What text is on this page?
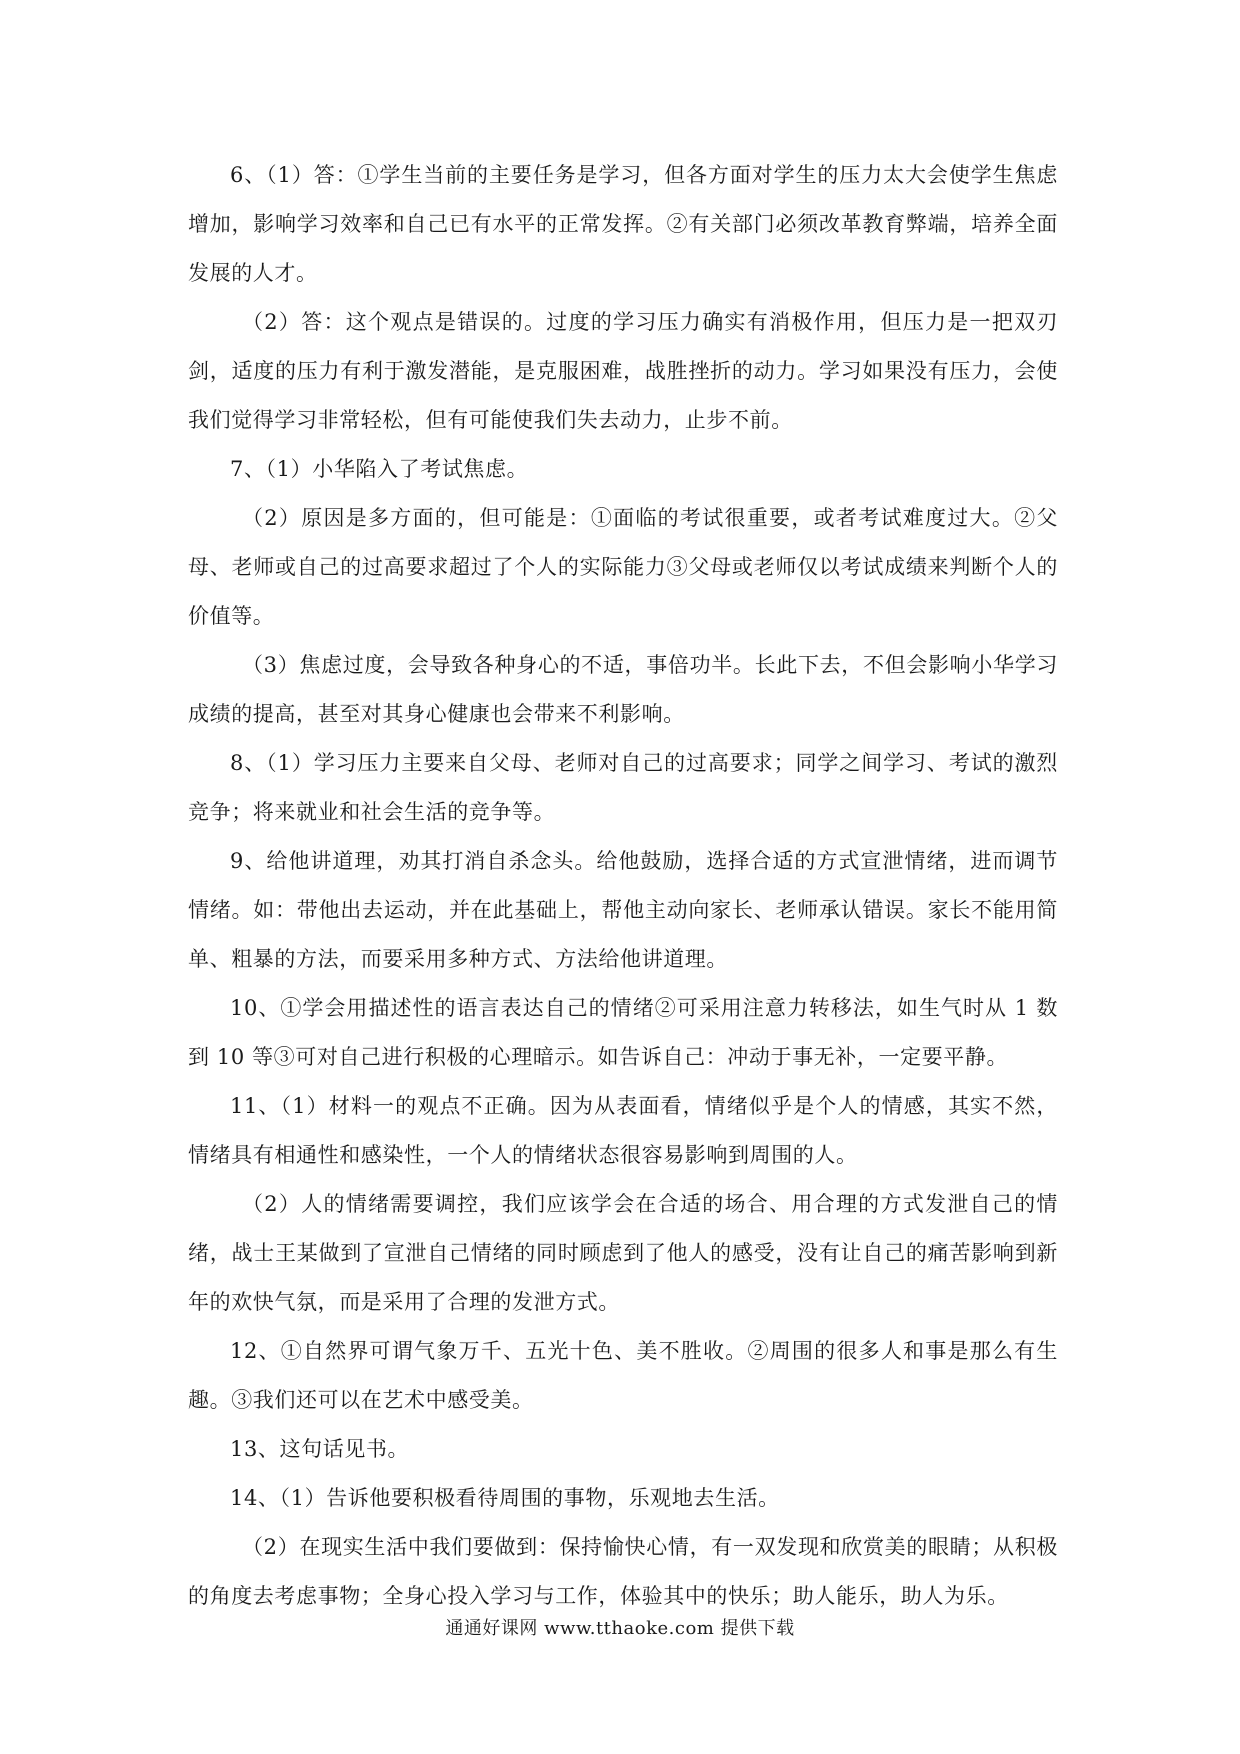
6、（1）答：①学生当前的主要任务是学习，但各方面对学生的压力太大会使学生焦虑增加，影响学习效率和自己已有水平的正常发挥。②有关部门必须改革教育弊端，培养全面发展的人才。

（2）答：这个观点是错误的。过度的学习压力确实有消极作用，但压力是一把双刃剑，适度的压力有利于激发潜能，是克服困难，战胜挫折的动力。学习如果没有压力，会使我们觉得学习非常轻松，但有可能使我们失去动力，止步不前。

7、（1）小华陷入了考试焦虑。

（2）原因是多方面的，但可能是：①面临的考试很重要，或者考试难度过大。②父母、老师或自己的过高要求超过了个人的实际能力③父母或老师仅以考试成绩来判断个人的价值等。

（3）焦虑过度，会导致各种身心的不适，事倍功半。长此下去，不但会影响小华学习成绩的提高，甚至对其身心健康也会带来不利影响。

8、（1）学习压力主要来自父母、老师对自己的过高要求；同学之间学习、考试的激烈竞争；将来就业和社会生活的竞争等。

9、给他讲道理，劝其打消自杀念头。给他鼓励，选择合适的方式宣泄情绪，进而调节情绪。如：带他出去运动，并在此基础上，帮他主动向家长、老师承认错误。家长不能用简单、粗暴的方法，而要采用多种方式、方法给他讲道理。

10、①学会用描述性的语言表达自己的情绪②可采用注意力转移法，如生气时从 1 数到 10 等③可对自己进行积极的心理暗示。如告诉自己：冲动于事无补，一定要平静。

11、（1）材料一的观点不正确。因为从表面看，情绪似乎是个人的情感，其实不然，情绪具有相通性和感染性，一个人的情绪状态很容易影响到周围的人。

（2）人的情绪需要调控，我们应该学会在合适的场合、用合理的方式发泄自己的情绪，战士王某做到了宣泄自己情绪的同时顾虑到了他人的感受，没有让自己的痛苦影响到新年的欢快气氛，而是采用了合理的发泄方式。

12、①自然界可谓气象万千、五光十色、美不胜收。②周围的很多人和事是那么有生趣。③我们还可以在艺术中感受美。

13、这句话见书。

14、（1）告诉他要积极看待周围的事物，乐观地去生活。

（2）在现实生活中我们要做到：保持愉快心情，有一双发现和欣赏美的眼睛；从积极的角度去考虑事物；全身心投入学习与工作，体验其中的快乐；助人能乐，助人为乐。

通通好课网 www.tthaoke.com 提供下载
